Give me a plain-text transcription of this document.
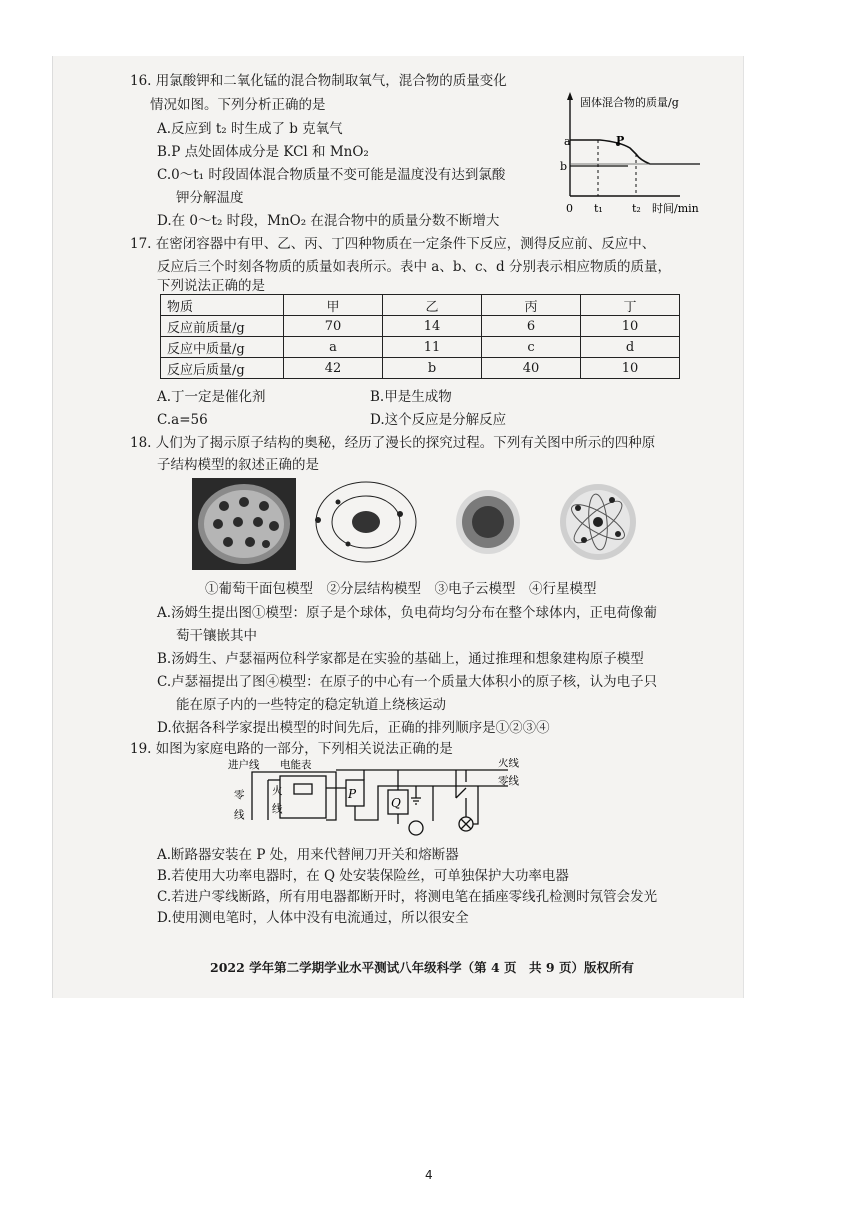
16. 用氯酸钾和二氧化锰的混合物制取氧气，混合物的质量变化
情况如图。下列分析正确的是
A.反应到 t₂ 时生成了 b 克氧气
B.P 点处固体成分是 KCl 和 MnO₂
C.0～t₁ 时段固体混合物质量不变可能是温度没有达到氯酸
钾分解温度
D.在 0～t₂ 时段，MnO₂ 在混合物中的质量分数不断增大
固体混合物的质量/g
a
b
P
0 t₁	t₂ 时间/min
17. 在密闭容器中有甲、乙、丙、丁四种物质在一定条件下反应，测得反应前、反应中、
反应后三个时刻各物质的质量如表所示。表中 a、b、c、d 分别表示相应物质的质量，
下列说法正确的是
物质	甲	乙	丙	丁
反应前质量/g	70	14	6	10
反应中质量/g	a	11	c	d
反应后质量/g	42	b	40	10
A.丁一定是催化剂	B.甲是生成物
C.a=56	D.这个反应是分解反应
18. 人们为了揭示原子结构的奥秘，经历了漫长的探究过程。下列有关图中所示的四种原
子结构模型的叙述正确的是
①葡萄干面包模型　②分层结构模型　③电子云模型　④行星模型
A.汤姆生提出图①模型：原子是个球体，负电荷均匀分布在整个球体内，正电荷像葡
萄干镶嵌其中
B.汤姆生、卢瑟福两位科学家都是在实验的基础上，通过推理和想象建构原子模型
C.卢瑟福提出了图④模型：在原子的中心有一个质量大体积小的原子核，认为电子只
能在原子内的一些特定的稳定轨道上绕核运动
D.依据各科学家提出模型的时间先后，正确的排列顺序是①②③④
19. 如图为家庭电路的一部分，下列相关说法正确的是
进户线 电能表	火线
零线
零
线
火
线
P
Q
A.断路器安装在 P 处，用来代替闸刀开关和熔断器
B.若使用大功率电器时，在 Q 处安装保险丝，可单独保护大功率电器
C.若进户零线断路，所有用电器都断开时，将测电笔在插座零线孔检测时氖管会发光
D.使用测电笔时，人体中没有电流通过，所以很安全
2022 学年第二学期学业水平测试八年级科学（第 4 页　共 9 页）版权所有
4
